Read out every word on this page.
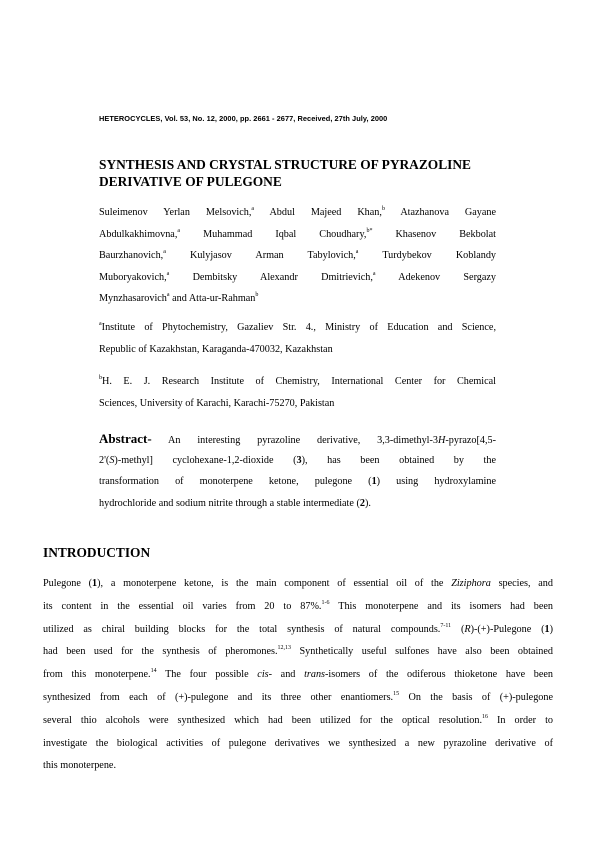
HETEROCYCLES, Vol. 53, No. 12, 2000, pp. 2661 - 2677, Received, 27th July, 2000
SYNTHESIS AND CRYSTAL STRUCTURE OF PYRAZOLINE
DERIVATIVE OF PULEGONE
Suleimenov Yerlan Melsovich,$^a$ Abdul Majeed Khan,$^b$ Atazhanova Gayane
Abdulkakhimovna,$^a$ Muhammad Iqbal Choudhary,$^{b*}$ Khasenov Bekbolat
Baurzhanovich,$^a$ Kulyjasov Arman Tabylovich,$^a$ Turdybekov Koblandy
Muboryakovich,$^a$ Dembitsky Alexandr Dmitrievich,$^a$ Adekenov Sergazy
Mynzhasarovich$^a$ and Atta-ur-Rahman$^b$
$^a$Institute of Phytochemistry, Gazaliev Str. 4., Ministry of Education and Science,
Republic of Kazakhstan, Karaganda-470032, Kazakhstan
$^b$H. E. J. Research Institute of Chemistry, International Center for Chemical
Sciences, University of Karachi, Karachi-75270, Pakistan
Abstract- An interesting pyrazoline derivative, 3,3-dimethyl-3H-pyrazo[4,5-
2'(S)-methyl] cyclohexane-1,2-dioxide (3), has been obtained by the
transformation of monoterpene ketone, pulegone (1) using hydroxylamine
hydrochloride and sodium nitrite through a stable intermediate (2).
INTRODUCTION
Pulegone (1), a monoterpene ketone, is the main component of essential oil of the Ziziphora species, and
its content in the essential oil varies from 20 to 87%.$^{1-6}$ This monoterpene and its isomers had been
utilized as chiral building blocks for the total synthesis of natural compounds.$^{7-11}$ (R)-(+)-Pulegone (1)
had been used for the synthesis of pheromones.$^{12,13}$ Synthetically useful sulfones have also been obtained
from this monoterpene.$^{14}$ The four possible cis- and trans-isomers of the odiferous thioketone have been
synthesized from each of (+)-pulegone and its three other enantiomers.$^{15}$ On the basis of (+)-pulegone
several thio alcohols were synthesized which had been utilized for the optical resolution.$^{16}$ In order to
investigate the biological activities of pulegone derivatives we synthesized a new pyrazoline derivative of
this monoterpene.
